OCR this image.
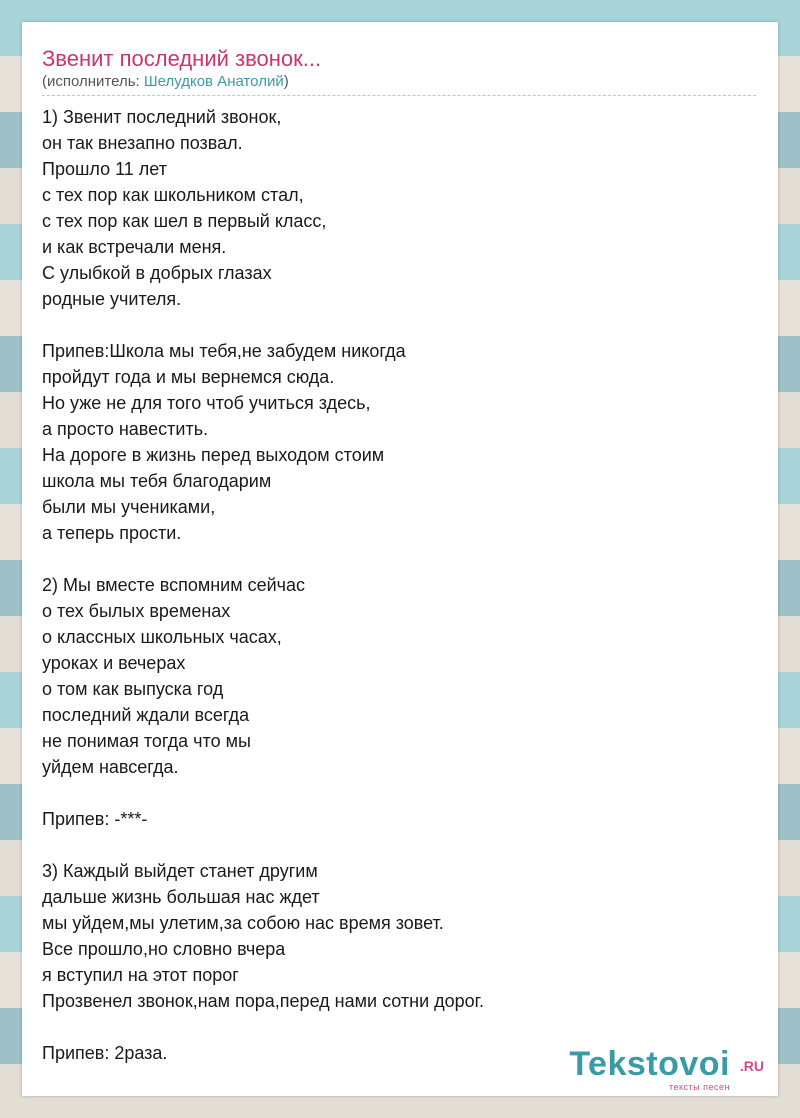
Звенит последний звонок...
(исполнитель: Шелудков Анатолий)
1) Звенит последний звонок,
он так внезапно позвал.
Прошло 11 лет
с тех пор как школьником стал,
с тех пор как шел в первый класс,
и как встречали меня.
С улыбкой в добрых глазах
родные учителя.
Припев:Школа мы тебя,не забудем никогда
пройдут года и мы вернемся сюда.
Но уже не для того чтоб учиться здесь,
а просто навестить.
На дороге в жизнь перед выходом стоим
школа мы тебя благодарим
были мы учениками,
а теперь прости.
2) Мы вместе вспомним сейчас
о тех былых временах
о классных школьных часах,
уроках и вечерах
о том как выпуска год
последний ждали всегда
не понимая тогда что мы
уйдем навсегда.
Припев: -***-
3) Каждый выйдет станет другим
дальше жизнь большая нас ждет
мы уйдем,мы улетим,за собою нас время зовет.
Все прошло,но словно вчера
я вступил на этот порог
Прозвенел звонок,нам пора,перед нами сотни дорог.
Припев: 2раза.	Tekstovoi .RU
тексты песен
